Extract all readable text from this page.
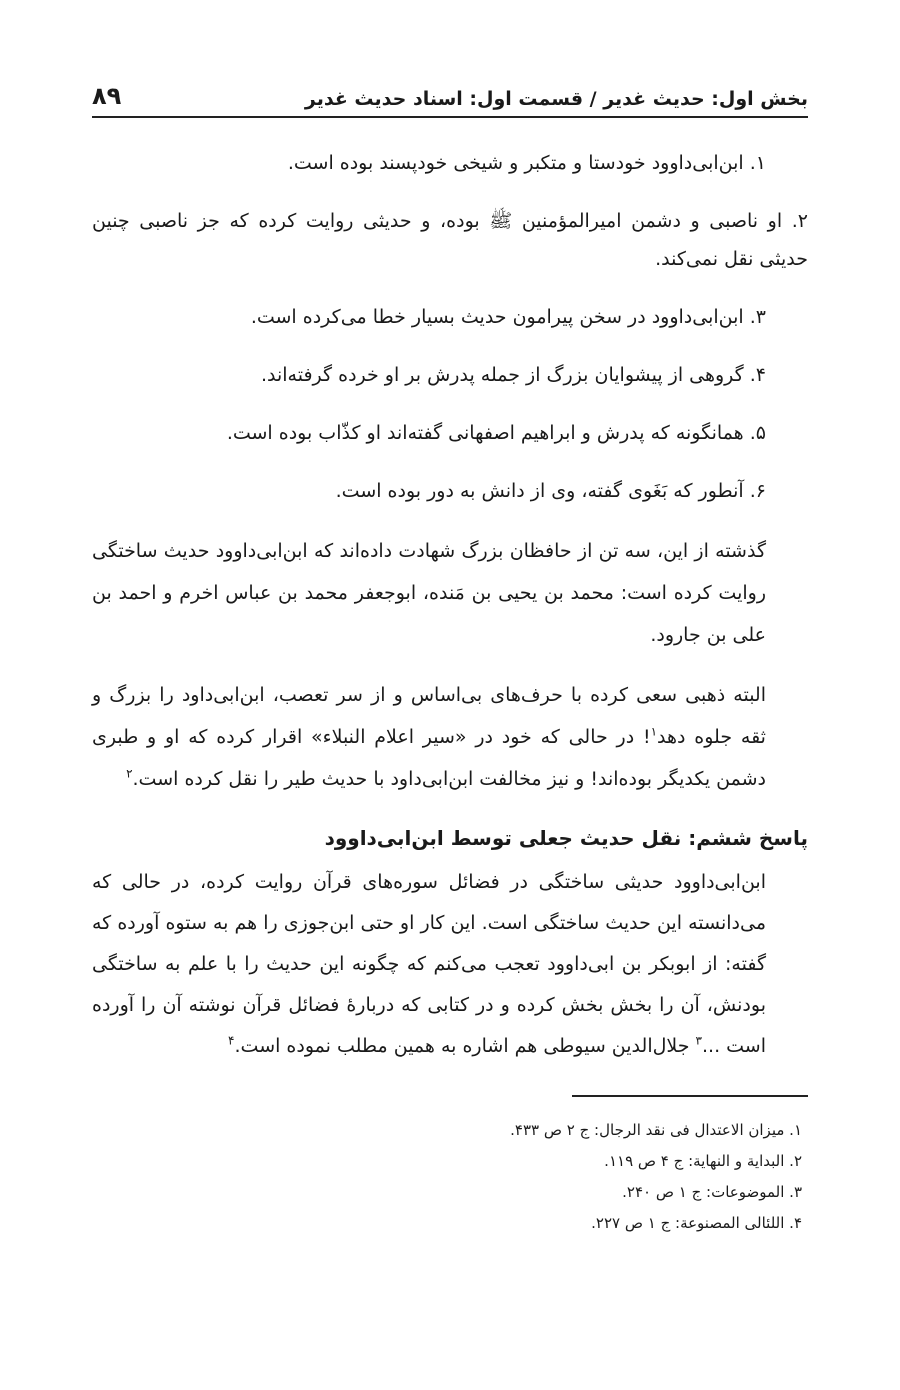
بخش اول: حديث غدير / قسمت اول: اسناد حديث غدير
۸۹
۱. ابن‌ابی‌داوود خودستا و متکبر و شیخی خودپسند بوده است.
۲. او ناصبی و دشمن امیرالمؤمنین ﷺ بوده، و حدیثی روایت کرده که جز ناصبی چنین حدیثی نقل نمی‌کند.
۳. ابن‌ابی‌داوود در سخن پیرامون حدیث بسیار خطا می‌کرده است.
۴. گروهی از پیشوایان بزرگ از جمله پدرش بر او خرده گرفته‌اند.
۵. همانگونه که پدرش و ابراهیم اصفهانی گفته‌اند او کذّاب بوده است.
۶. آنطور که بَغَوی گفته، وی از دانش به دور بوده است.
گذشته از این، سه تن از حافظان بزرگ شهادت داده‌اند که ابن‌ابی‌داوود حدیث ساختگی روایت کرده است: محمد بن یحیی بن مَنده، ابوجعفر محمد بن عباس اخرم و احمد بن علی بن جارود.
البته ذهبی سعی کرده با حرف‌های بی‌اساس و از سر تعصب، ابن‌ابی‌داود را بزرگ و ثقه جلوه دهد$^۱$! در حالی که خود در «سیر اعلام النبلاء» اقرار کرده که او و طبری دشمن یکدیگر بوده‌اند! و نیز مخالفت ابن‌ابی‌داود با حدیث طیر را نقل کرده است.$^۲$
پاسخ ششم: نقل حدیث جعلی توسط ابن‌ابی‌داوود
ابن‌ابی‌داوود حدیثی ساختگی در فضائل سوره‌های قرآن روایت کرده، در حالی که می‌دانسته این حدیث ساختگی است. این کار او حتی ابن‌جوزی را هم به ستوه آورده که گفته: از ابوبکر بن ابی‌داوود تعجب می‌کنم که چگونه این حدیث را با علم به ساختگی بودنش، آن را بخش بخش کرده و در کتابی که دربارهٔ فضائل قرآن نوشته آن را آورده است ...$^۳$ جلال‌الدین سیوطی هم اشاره به همین مطلب نموده است.$^۴$
۱. میزان الاعتدال فی نقد الرجال: ج ۲ ص ۴۳۳.
۲. البدایة و النهایة: ج ۴ ص ۱۱۹.
۳. الموضوعات: ج ۱ ص ۲۴۰.
۴. اللئالی المصنوعة: ج ۱ ص ۲۲۷.
